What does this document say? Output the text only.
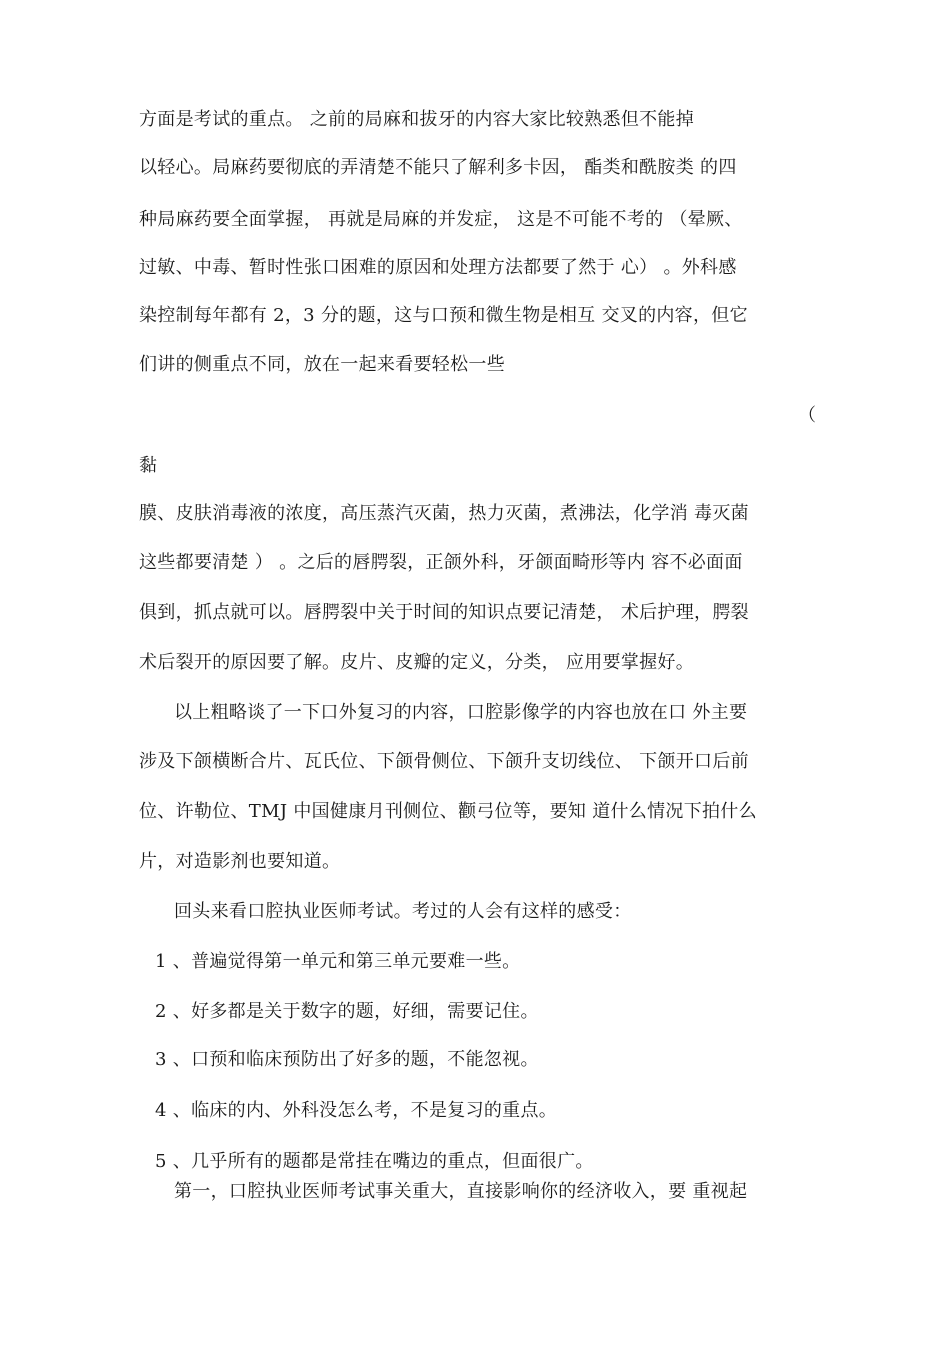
方面是考试的重点。 之前的局麻和拔牙的内容大家比较熟悉但不能掉
以轻心。局麻药要彻底的弄清楚不能只了解利多卡因， 酯类和酰胺类 的四
种局麻药要全面掌握， 再就是局麻的并发症， 这是不可能不考的 （晕厥、
过敏、中毒、暂时性张口困难的原因和处理方法都要了然于 心） 。外科感
染控制每年都有 2，3 分的题，这与口预和微生物是相互 交叉的内容，但它
们讲的侧重点不同，放在一起来看要轻松一些
（
黏
膜、皮肤消毒液的浓度，高压蒸汽灭菌，热力灭菌，煮沸法，化学消 毒灭菌
这些都要清楚 ） 。之后的唇腭裂，正颌外科，牙颌面畸形等内 容不必面面
俱到，抓点就可以。唇腭裂中关于时间的知识点要记清楚， 术后护理，腭裂
术后裂开的原因要了解。皮片、皮瓣的定义，分类， 应用要掌握好。
以上粗略谈了一下口外复习的内容，口腔影像学的内容也放在口 外主要
涉及下颌横断合片、瓦氏位、下颌骨侧位、下颌升支切线位、 下颌开口后前
位、许勒位、TMJ 中国健康月刊侧位、颧弓位等，要知 道什么情况下拍什么
片，对造影剂也要知道。
回头来看口腔执业医师考试。考过的人会有这样的感受：
1 、普遍觉得第一单元和第三单元要难一些。
2 、好多都是关于数字的题，好细，需要记住。
3 、口预和临床预防出了好多的题，不能忽视。
4 、临床的内、外科没怎么考，不是复习的重点。
5 、几乎所有的题都是常挂在嘴边的重点，但面很广。
第一，口腔执业医师考试事关重大，直接影响你的经济收入，要 重视起
